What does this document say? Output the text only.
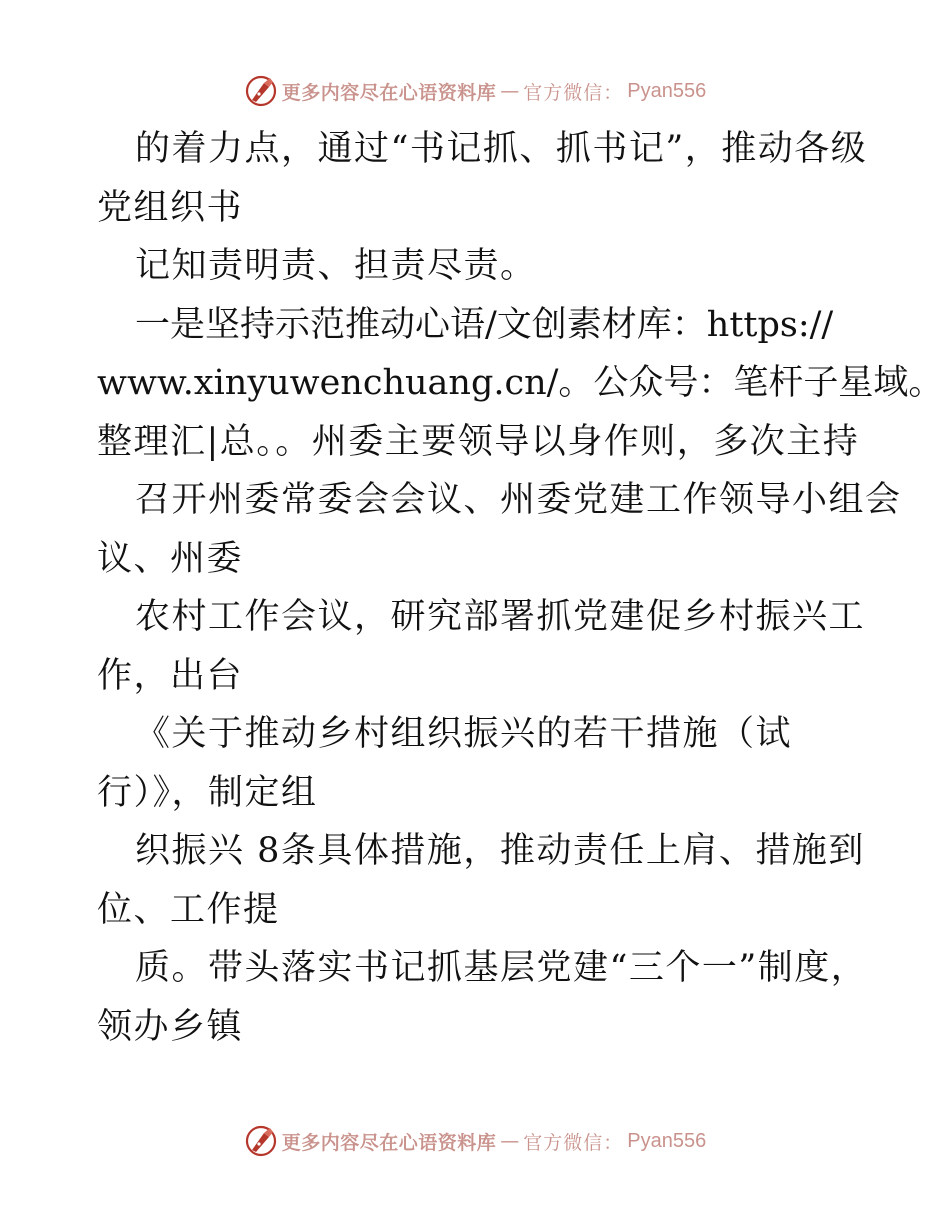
更多内容尽在心语资料库 — 官方微信： Pyan556
的着力点，通过“书记抓、抓书记”，推动各级
党组织书
记知责明责、担责尽责。
一是坚持示范推动心语/文创素材库：https://
www.xinyuwenchuang.cn/。公众号：笔杆子星域。
整理汇|总。。州委主要领导以身作则，多次主持
召开州委常委会会议、州委党建工作领导小组会
议、州委
农村工作会议，研究部署抓党建促乡村振兴工
作，出台
《关于推动乡村组织振兴的若干措施（试
行）》，制定组
织振兴 8条具体措施，推动责任上肩、措施到
位、工作提
质。带头落实书记抓基层党建“三个一”制度，
领办乡镇
更多内容尽在心语资料库 — 官方微信： Pyan556
